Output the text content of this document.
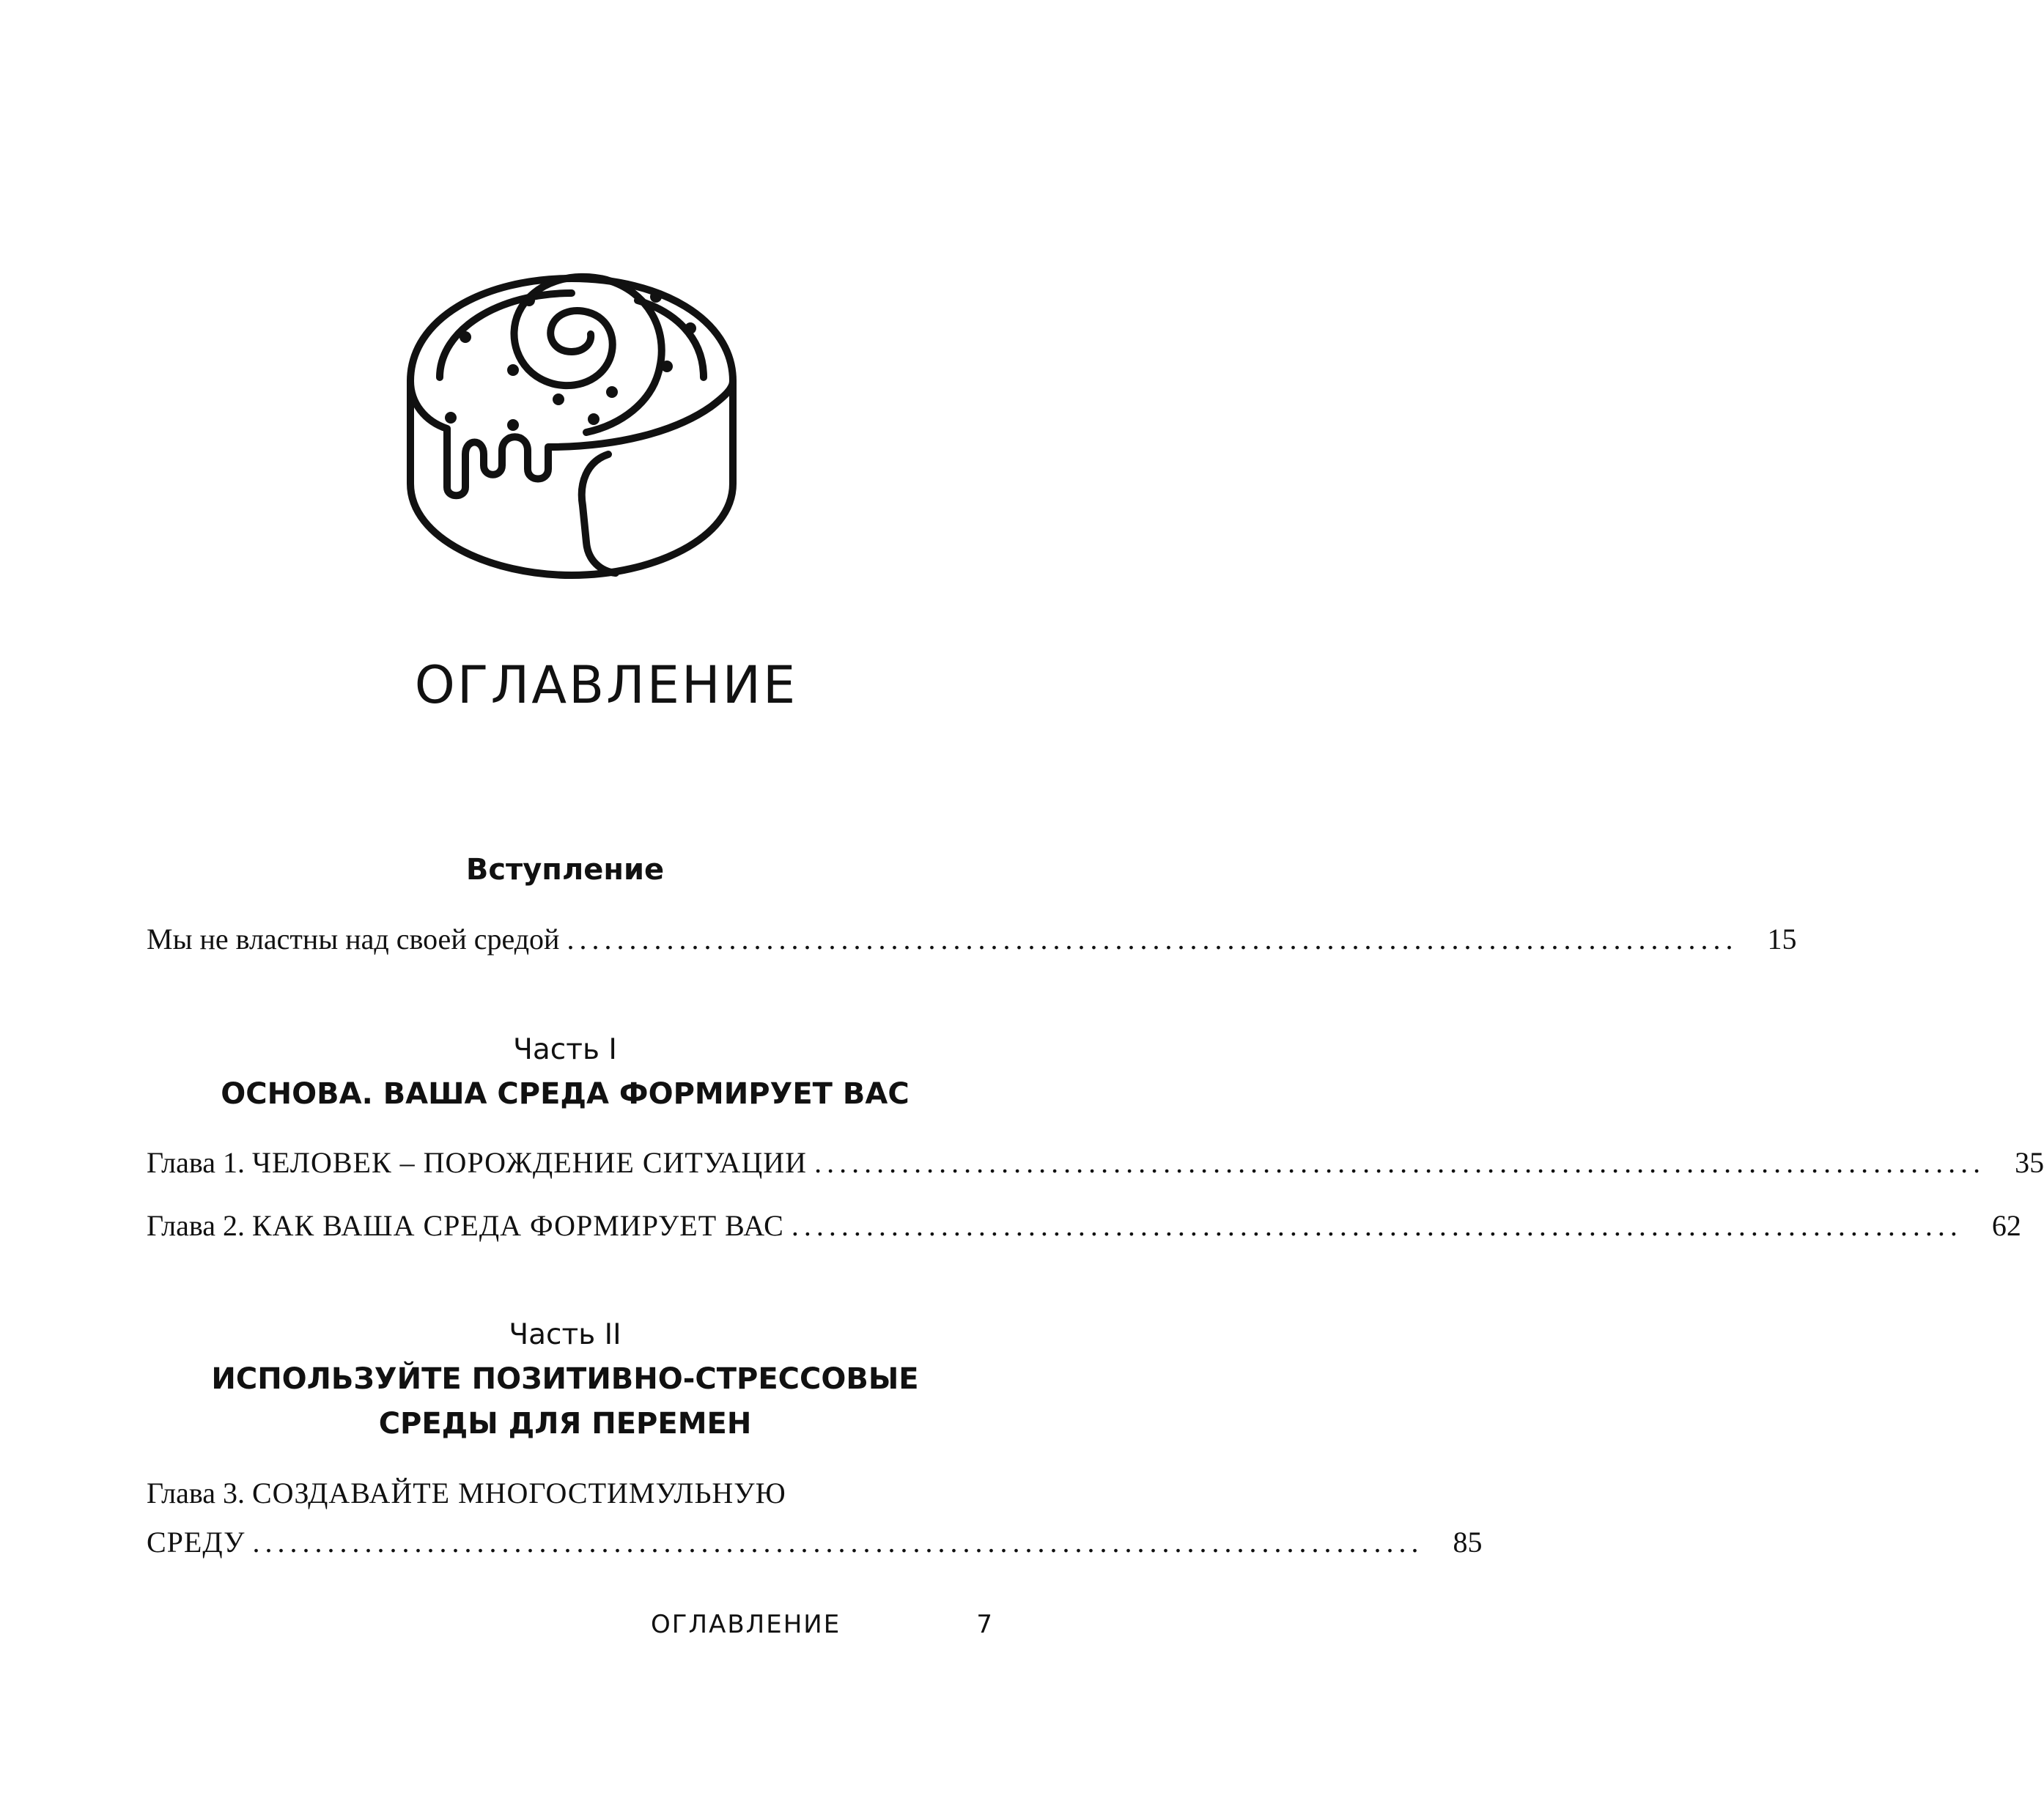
ОГЛАВЛЕНИЕ
Вступление
Мы не властны над своей средой ..............................................................................................	15
Часть I
ОСНОВА. ВАША СРЕДА ФОРМИРУЕТ ВАС
Глава 1. ЧЕЛОВЕК – ПОРОЖДЕНИЕ СИТУАЦИИ ..............................................................................................	35
Глава 2. КАК ВАША СРЕДА ФОРМИРУЕТ ВАС ..............................................................................................	62
Часть II
ИСПОЛЬЗУЙТЕ ПОЗИТИВНО-СТРЕССОВЫЕ
СРЕДЫ ДЛЯ ПЕРЕМЕН
Глава 3. СОЗДАВАЙТЕ МНОГОСТИМУЛЬНУЮ
СРЕДУ ..............................................................................................	85
ОГЛАВЛЕНИЕ	7
